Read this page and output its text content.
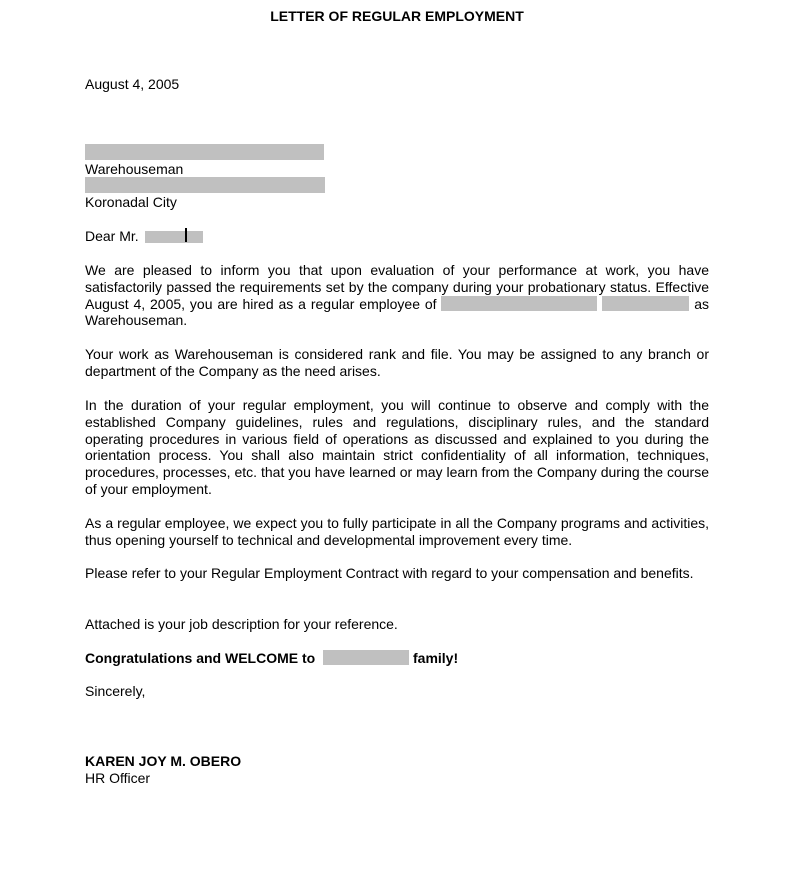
LETTER OF REGULAR EMPLOYMENT
August 4, 2005
Warehouseman
Koronadal City
Dear Mr.
We are pleased to inform you that upon evaluation of your performance at work, you have satisfactorily passed the requirements set by the company during your probationary status. Effective August 4, 2005, you are hired as a regular employee of	as Warehouseman.
Your work as Warehouseman is considered rank and file. You may be assigned to any branch or department of the Company as the need arises.
In the duration of your regular employment, you will continue to observe and comply with the established Company guidelines, rules and regulations, disciplinary rules, and the standard operating procedures in various field of operations as discussed and explained to you during the orientation process. You shall also maintain strict confidentiality of all information, techniques, procedures, processes, etc. that you have learned or may learn from the Company during the course of your employment.
As a regular employee, we expect you to fully participate in all the Company programs and activities, thus opening yourself to technical and developmental improvement every time.
Please refer to your Regular Employment Contract with regard to your compensation and benefits.
Attached is your job description for your reference.
Congratulations and WELCOME to	family!
Sincerely,
KAREN JOY M. OBERO
HR Officer
